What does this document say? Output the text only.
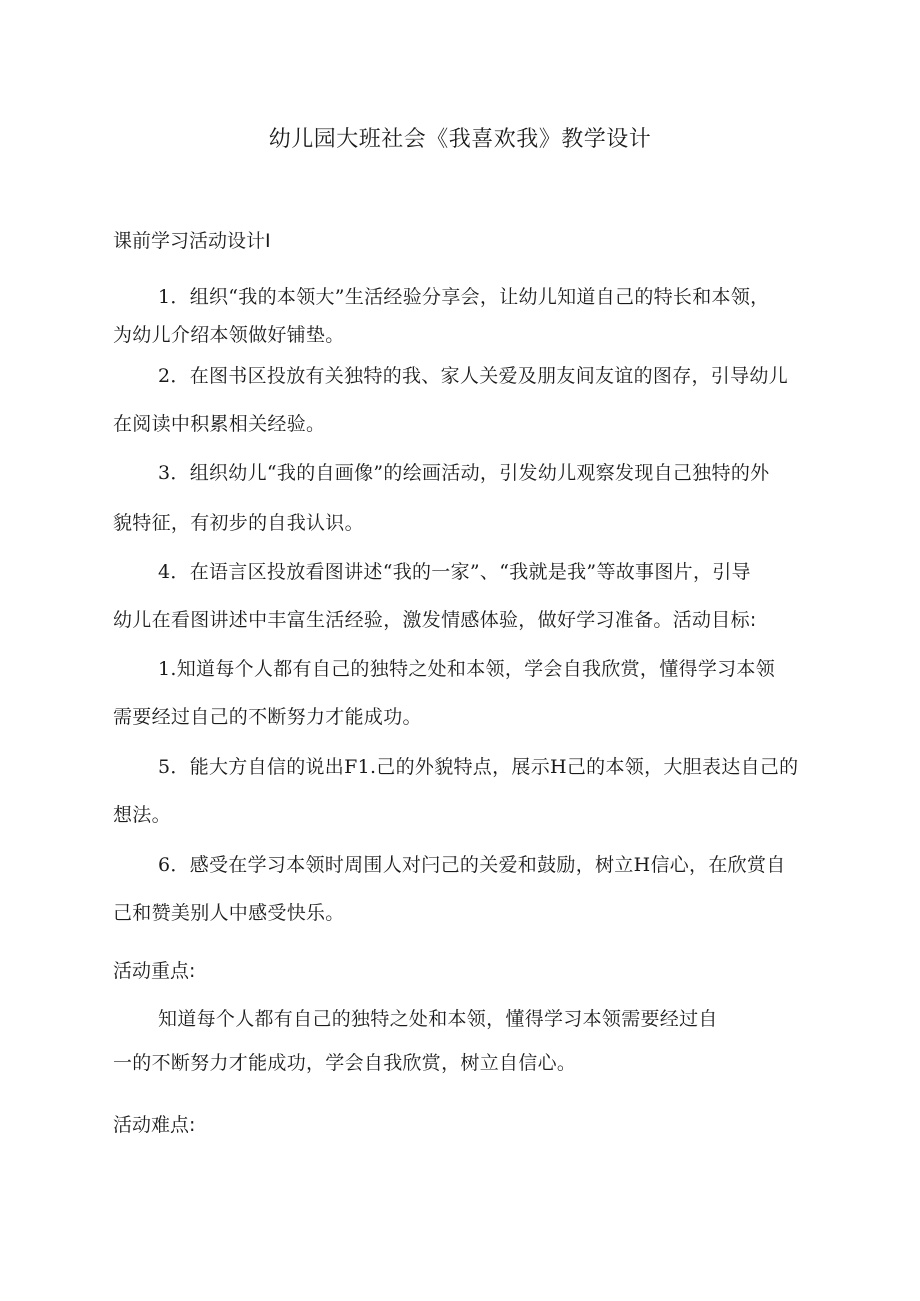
幼儿园大班社会《我喜欢我》教学设计
课前学习活动设计I
1．组织“我的本领大”生活经验分享会，让幼儿知道自己的特长和本领，
为幼儿介绍本领做好铺垫。
2．在图书区投放有关独特的我、家人关爱及朋友间友谊的图存，引导幼儿
在阅读中积累相关经验。
3．组织幼儿“我的自画像”的绘画活动，引发幼儿观察发现自己独特的外
貌特征，有初步的自我认识。
4．在语言区投放看图讲述“我的一家”、“我就是我”等故事图片，引导
幼儿在看图讲述中丰富生活经验，激发情感体验，做好学习准备。活动目标:
1.知道每个人都有自己的独特之处和本领，学会自我欣赏，懂得学习本领
需要经过自己的不断努力才能成功。
5．能大方自信的说出F1.己的外貌特点，展示H己的本领，大胆表达自己的
想法。
6．感受在学习本领时周围人对闩己的关爱和鼓励，树立H信心，在欣赏自
己和赞美别人中感受快乐。
活动重点:
知道每个人都有自己的独特之处和本领，懂得学习本领需要经过自
一的不断努力才能成功，学会自我欣赏，树立自信心。
活动难点:
